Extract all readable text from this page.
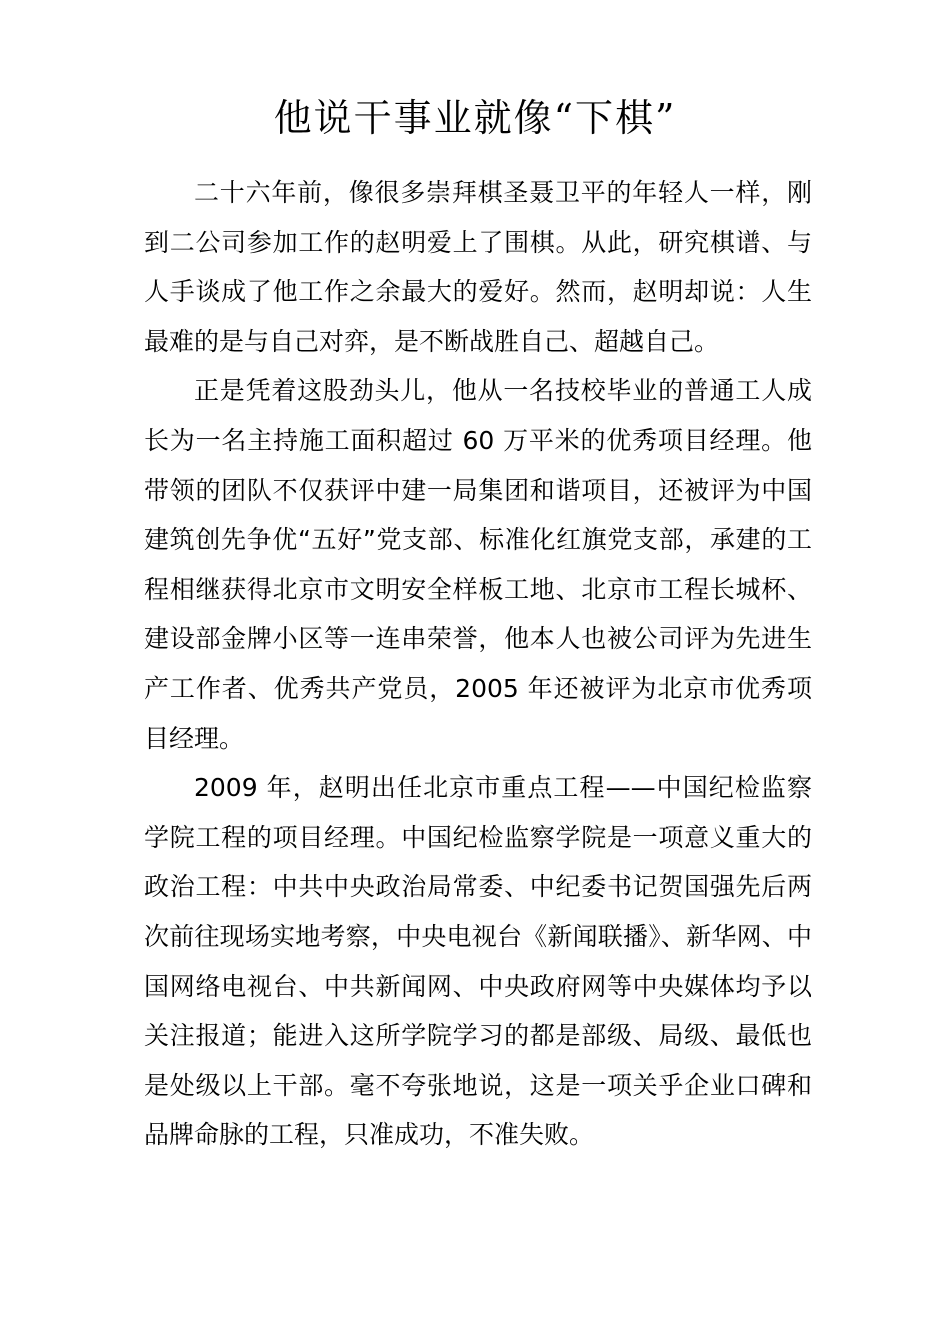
他说干事业就像“下棋”

二十六年前，像很多崇拜棋圣聂卫平的年轻人一样，刚到二公司参加工作的赵明爱上了围棋。从此，研究棋谱、与人手谈成了他工作之余最大的爱好。然而，赵明却说：人生最难的是与自己对弈，是不断战胜自己、超越自己。

正是凭着这股劲头儿，他从一名技校毕业的普通工人成长为一名主持施工面积超过 60 万平米的优秀项目经理。他带领的团队不仅获评中建一局集团和谐项目，还被评为中国建筑创先争优“五好”党支部、标准化红旗党支部，承建的工程相继获得北京市文明安全样板工地、北京市工程长城杯、建设部金牌小区等一连串荣誉，他本人也被公司评为先进生产工作者、优秀共产党员，2005 年还被评为北京市优秀项目经理。

2009 年，赵明出任北京市重点工程——中国纪检监察学院工程的项目经理。中国纪检监察学院是一项意义重大的政治工程：中共中央政治局常委、中纪委书记贺国强先后两次前往现场实地考察，中央电视台《新闻联播》、新华网、中国网络电视台、中共新闻网、中央政府网等中央媒体均予以关注报道；能进入这所学院学习的都是部级、局级、最低也是处级以上干部。毫不夸张地说，这是一项关乎企业口碑和品牌命脉的工程，只准成功，不准失败。
